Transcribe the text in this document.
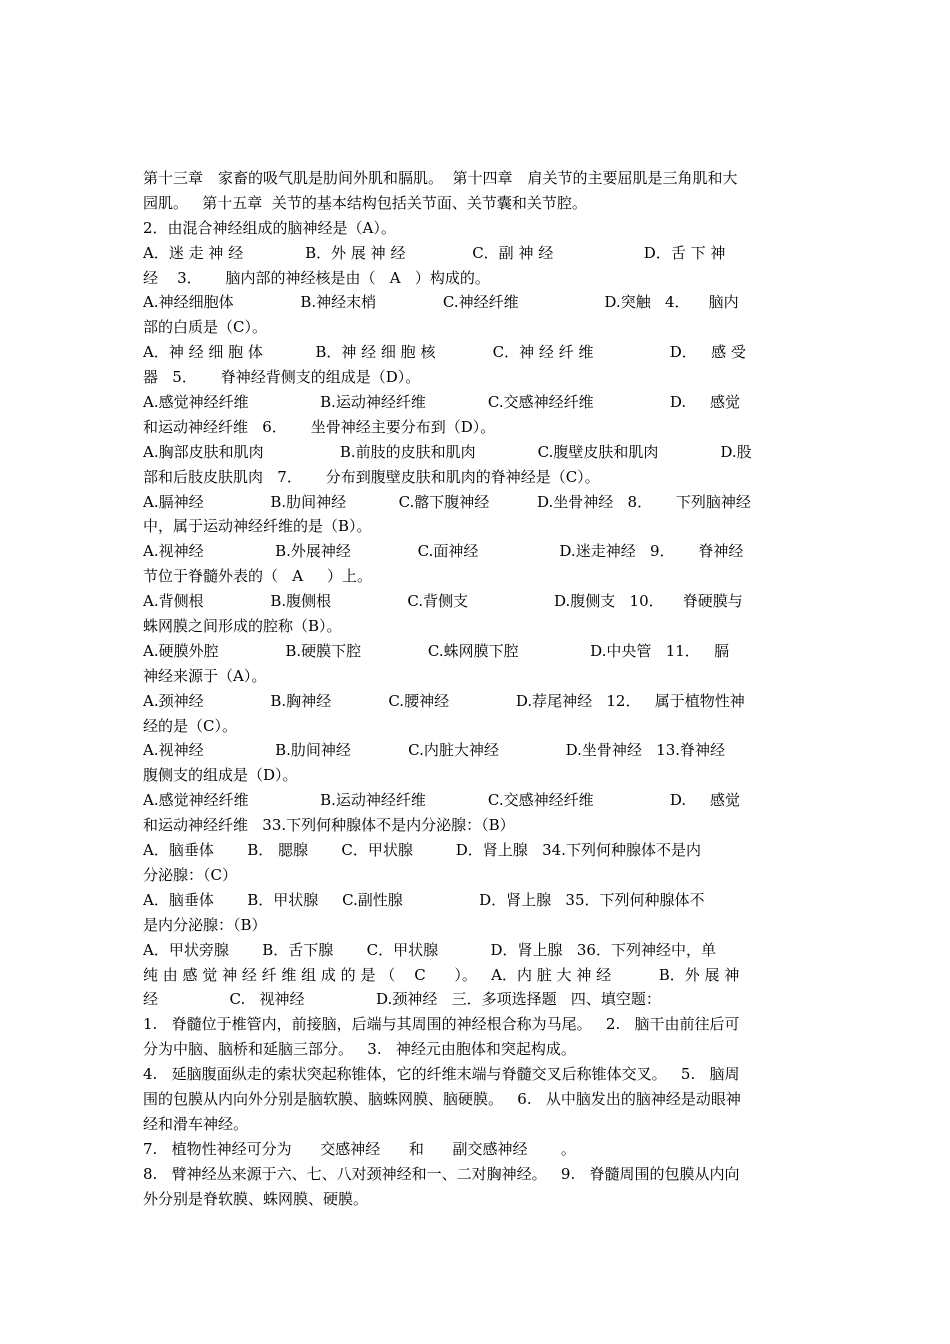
第十三章　家畜的吸气肌是肋间外肌和膈肌。  第十四章　肩关节的主要屈肌是三角肌和大
园肌。   第十五章  关节的基本结构包括关节面、关节囊和关节腔。
2．由混合神经组成的脑神经是（A）。
A．迷 走 神 经             B．外 展 神 经              C．副 神 经                   D．舌 下 神
经    3．     脑内部的神经核是由（   A   ）构成的。
A.神经细胞体              B.神经末梢              C.神经纤维                  D.突触   4．    脑内
部的白质是（C）。
A．神 经 细 胞 体           B．神 经 细 胞 核            C．神 经 纤 维                D．   感 受
器   5．     脊神经背侧支的组成是（D）。
A.感觉神经纤维               B.运动神经纤维             C.交感神经纤维                D.     感觉
和运动神经纤维   6．     坐骨神经主要分布到（D）。
A.胸部皮肤和肌肉                B.前肢的皮肤和肌肉             C.腹壁皮肤和肌肉             D.股
部和后肢皮肤肌肉   7．     分布到腹壁皮肤和肌肉的脊神经是（C）。
A.膈神经              B.肋间神经           C.髂下腹神经          D.坐骨神经   8．     下列脑神经
中，属于运动神经纤维的是（B）。
A.视神经               B.外展神经              C.面神经                 D.迷走神经   9．     脊神经
节位于脊髓外表的（   A     ）上。
A.背侧根              B.腹侧根                C.背侧支                  D.腹侧支   10．    脊硬膜与
蛛网膜之间形成的腔称（B）。
A.硬膜外腔              B.硬膜下腔              C.蛛网膜下腔               D.中央管   11．   膈
神经来源于（A）。
A.颈神经              B.胸神经            C.腰神经              D.荐尾神经   12．   属于植物性神
经的是（C）。
A.视神经               B.肋间神经            C.内脏大神经              D.坐骨神经   13.脊神经
腹侧支的组成是（D）。
A.感觉神经纤维               B.运动神经纤维             C.交感神经纤维                D.     感觉
和运动神经纤维   33.下列何种腺体不是内分泌腺：（B）
A．脑垂体       B． 腮腺       C．甲状腺         D．肾上腺   34.下列何种腺体不是内
分泌腺：（C）
A．脑垂体       B．甲状腺     C.副性腺                D．肾上腺   35．下列何种腺体不
是内分泌腺：（B）
A．甲状旁腺       B．舌下腺       C．甲状腺           D．肾上腺   36．下列神经中，单
纯 由 感 觉 神 经 纤 维 组 成 的 是 （    C      ）。   A．内 脏 大 神 经          B．外 展 神
经               C.   视神经               D.颈神经   三．多项选择题   四、填空题：
1.   脊髓位于椎管内，前接脑，后端与其周围的神经根合称为马尾。   2.   脑干由前往后可
分为中脑、脑桥和延脑三部分。   3.   神经元由胞体和突起构成。
4.   延脑腹面纵走的索状突起称锥体，它的纤维末端与脊髓交叉后称锥体交叉。   5.   脑周
围的包膜从内向外分别是脑软膜、脑蛛网膜、脑硬膜。   6.   从中脑发出的脑神经是动眼神
经和滑车神经。
7.   植物性神经可分为      交感神经      和      副交感神经       。
8.   臂神经丛来源于六、七、八对颈神经和一、二对胸神经。   9.   脊髓周围的包膜从内向
外分别是脊软膜、蛛网膜、硬膜。
